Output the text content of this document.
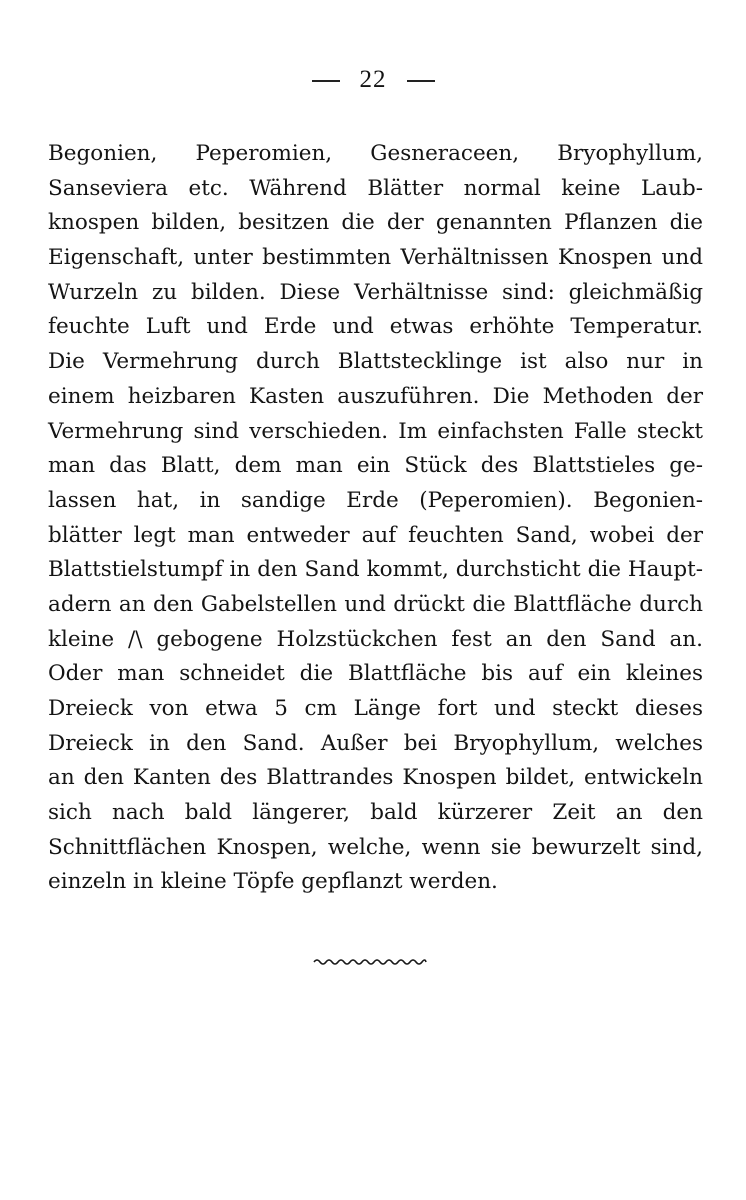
22
Begonien, Peperomien, Gesneraceen, Bryophyllum,
Sanseviera etc. Während Blätter normal keine Laub-
knospen bilden, besitzen die der genannten Pflanzen die
Eigenschaft, unter bestimmten Verhältnissen Knospen und
Wurzeln zu bilden. Diese Verhältnisse sind: gleichmäßig
feuchte Luft und Erde und etwas erhöhte Temperatur.
Die Vermehrung durch Blattstecklinge ist also nur in
einem heizbaren Kasten auszuführen. Die Methoden der
Vermehrung sind verschieden. Im einfachsten Falle steckt
man das Blatt, dem man ein Stück des Blattstieles ge-
lassen hat, in sandige Erde (Peperomien). Begonien-
blätter legt man entweder auf feuchten Sand, wobei der
Blattstielstumpf in den Sand kommt, durchsticht die Haupt-
adern an den Gabelstellen und drückt die Blattfläche durch
kleine /\ gebogene Holzstückchen fest an den Sand an.
Oder man schneidet die Blattfläche bis auf ein kleines
Dreieck von etwa 5 cm Länge fort und steckt dieses
Dreieck in den Sand. Außer bei Bryophyllum, welches
an den Kanten des Blattrandes Knospen bildet, entwickeln
sich nach bald längerer, bald kürzerer Zeit an den
Schnittflächen Knospen, welche, wenn sie bewurzelt sind,
einzeln in kleine Töpfe gepflanzt werden.
